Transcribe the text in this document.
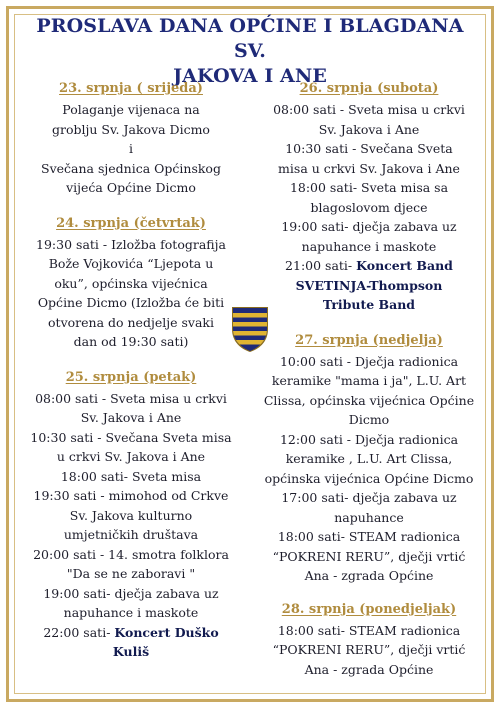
PROSLAVA DANA OPĆINE I BLAGDANA SV.
JAKOVA I ANE
23. srpnja ( srijeda)
Polaganje vijenaca na
groblju Sv. Jakova Dicmo
i
Svečana sjednica Općinskog
vijeća Općine Dicmo
24. srpnja (četvrtak)
19:30 sati - Izložba fotografija
Bože Vojkovića “Ljepota u
oku”, općinska vijećnica
Općine Dicmo (Izložba će biti
otvorena do nedjelje svaki
dan od 19:30 sati)
25. srpnja (petak)
08:00 sati - Sveta misa u crkvi
Sv. Jakova i Ane
10:30 sati - Svečana Sveta misa
u crkvi Sv. Jakova i Ane
18:00 sati- Sveta misa
19:30 sati - mimohod od Crkve
Sv. Jakova kulturno
umjetničkih društava
20:00 sati - 14. smotra folklora
"Da se ne zaboravi "
19:00 sati- dječja zabava uz
napuhance i maskote
22:00 sati- Koncert Duško
Kuliš
26. srpnja (subota)
08:00 sati - Sveta misa u crkvi
Sv. Jakova i Ane
10:30 sati - Svečana Sveta
misa u crkvi Sv. Jakova i Ane
18:00 sati- Sveta misa sa
blagoslovom djece
19:00 sati- dječja zabava uz
napuhance i maskote
21:00 sati- Koncert Band
SVETINJA-Thompson
Tribute Band
27. srpnja (nedjelja)
10:00 sati - Dječja radionica
keramike "mama i ja", L.U. Art
Clissa, općinska vijećnica Općine
Dicmo
12:00 sati - Dječja radionica
keramike , L.U. Art Clissa,
općinska vijećnica Općine Dicmo
17:00 sati- dječja zabava uz
napuhance
18:00 sati- STEAM radionica
“POKRENI RERU”, dječji vrtić
Ana - zgrada Općine
28. srpnja (ponedjeljak)
18:00 sati- STEAM radionica
“POKRENI RERU”, dječji vrtić
Ana - zgrada Općine
